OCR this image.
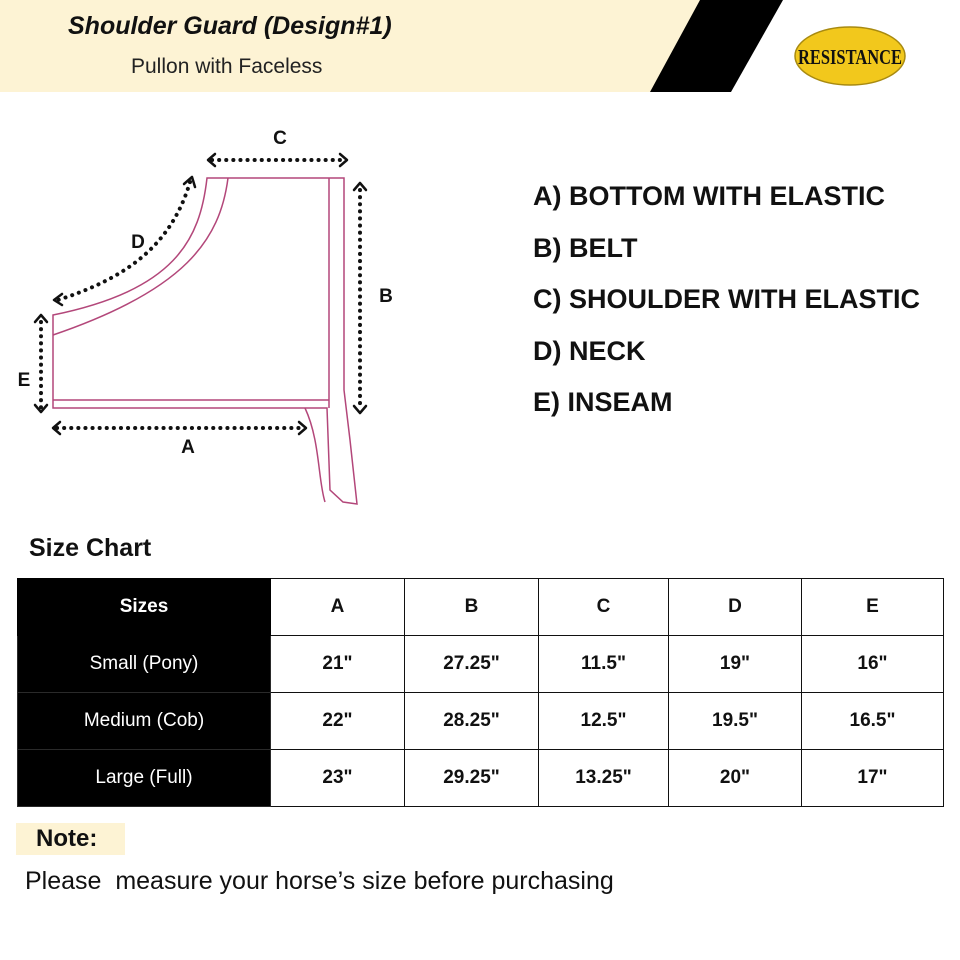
Shoulder Guard (Design#1)
Pullon with Faceless	RESISTANCE
C
B
D
E
A
A) BOTTOM WITH ELASTIC
B) BELT
C) SHOULDER WITH ELASTIC
D) NECK
E) INSEAM
Size Chart
Sizes	A	B	C	D	E
Small (Pony)	21"	27.25"	11.5"	19"	16"
Medium (Cob)	22"	28.25"	12.5"	19.5"	16.5"
Large (Full)	23"	29.25"	13.25"	20"	17"
Note:
Please  measure your horse’s size before purchasing
